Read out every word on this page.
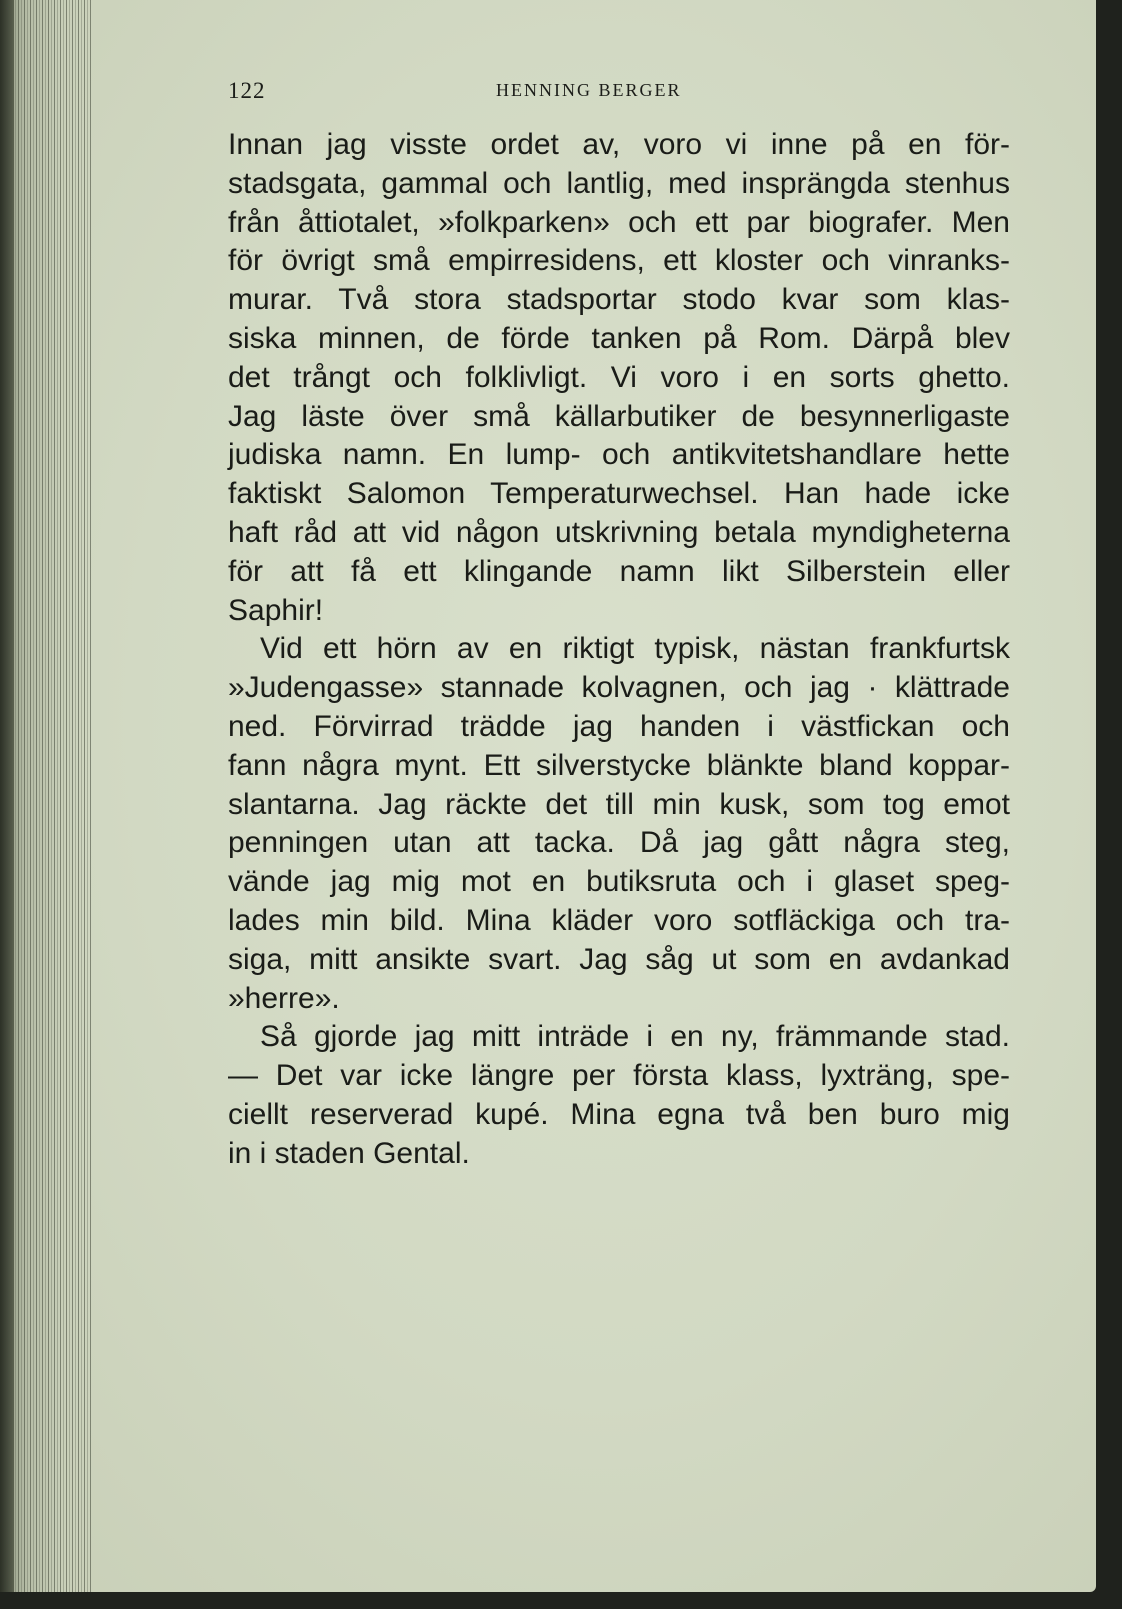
122	HENNING BERGER
Innan jag visste ordet av, voro vi inne på en för-
stadsgata, gammal och lantlig, med insprängda stenhus
från åttiotalet, »folkparken» och ett par biografer. Men
för övrigt små empirresidens, ett kloster och vinranks-
murar. Två stora stadsportar stodo kvar som klas-
siska minnen, de förde tanken på Rom. Därpå blev
det trångt och folklivligt. Vi voro i en sorts ghetto.
Jag läste över små källarbutiker de besynnerligaste
judiska namn. En lump- och antikvitetshandlare hette
faktiskt Salomon Temperaturwechsel. Han hade icke
haft råd att vid någon utskrivning betala myndigheterna
för att få ett klingande namn likt Silberstein eller
Saphir!
Vid ett hörn av en riktigt typisk, nästan frankfurtsk
»Judengasse» stannade kolvagnen, och jag · klättrade
ned. Förvirrad trädde jag handen i västfickan och
fann några mynt. Ett silverstycke blänkte bland koppar-
slantarna. Jag räckte det till min kusk, som tog emot
penningen utan att tacka. Då jag gått några steg,
vände jag mig mot en butiksruta och i glaset speg-
lades min bild. Mina kläder voro sotfläckiga och tra-
siga, mitt ansikte svart. Jag såg ut som en avdankad
»herre».
Så gjorde jag mitt inträde i en ny, främmande stad.
— Det var icke längre per första klass, lyxträng, spe-
ciellt reserverad kupé. Mina egna två ben buro mig
in i staden Gental.
